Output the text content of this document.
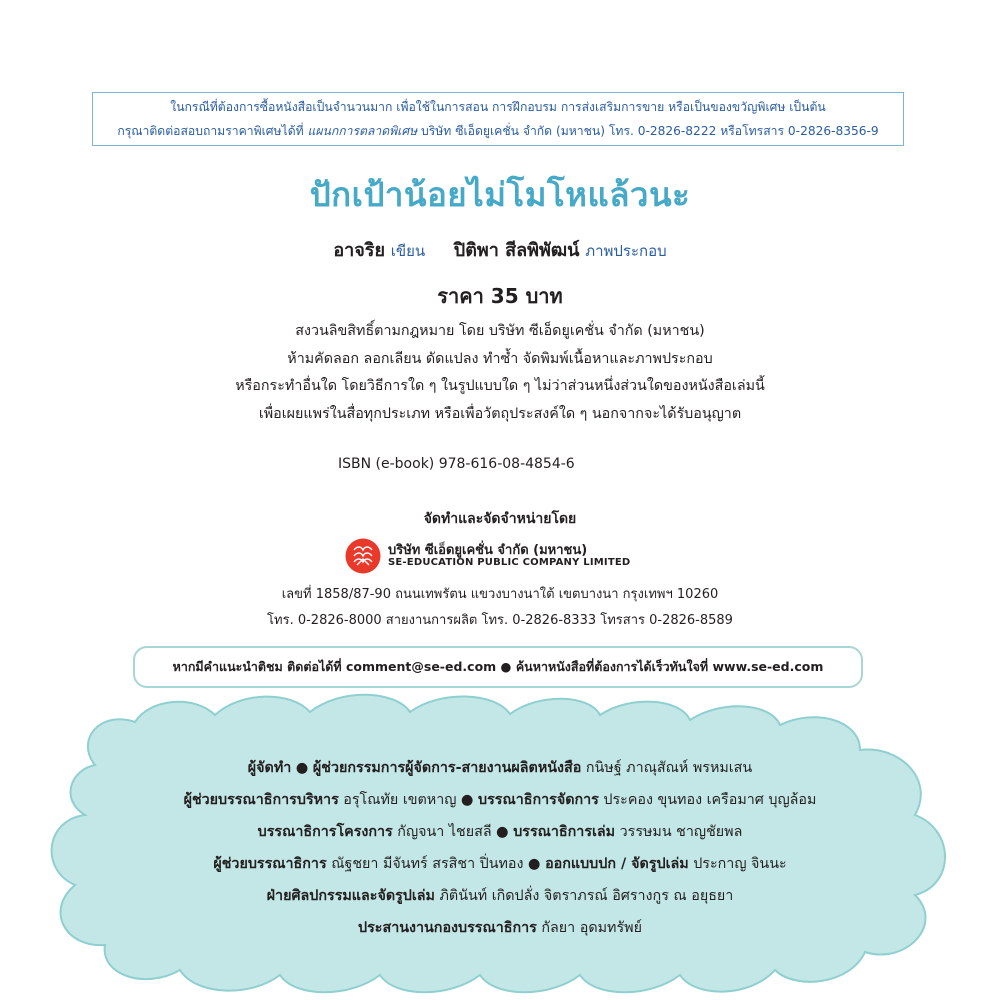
ในกรณีที่ต้องการซื้อหนังสือเป็นจำนวนมาก เพื่อใช้ในการสอน การฝึกอบรม การส่งเสริมการขาย หรือเป็นของขวัญพิเศษ เป็นต้น
กรุณาติดต่อสอบถามราคาพิเศษได้ที่ แผนกการตลาดพิเศษ บริษัท ซีเอ็ดยูเคชั่น จำกัด (มหาชน) โทร. 0-2826-8222 หรือโทรสาร 0-2826-8356-9
ปักเป้าน้อยไม่โมโหแล้วนะ
อาจริย เขียน ปิติพา สีลพิพัฒน์ ภาพประกอบ
ราคา 35 บาท
สงวนลิขสิทธิ์ตามกฎหมาย โดย บริษัท ซีเอ็ดยูเคชั่น จำกัด (มหาชน)
ห้ามคัดลอก ลอกเลียน ดัดแปลง ทำซ้ำ จัดพิมพ์เนื้อหาและภาพประกอบ
หรือกระทำอื่นใด โดยวิธีการใด ๆ ในรูปแบบใด ๆ ไม่ว่าส่วนหนึ่งส่วนใดของหนังสือเล่มนี้
เพื่อเผยแพร่ในสื่อทุกประเภท หรือเพื่อวัตถุประสงค์ใด ๆ นอกจากจะได้รับอนุญาต
ISBN (e-book) 978-616-08-4854-6
จัดทำและจัดจำหน่ายโดย
บริษัท ซีเอ็ดยูเคชั่น จำกัด (มหาชน)
SE-EDUCATION PUBLIC COMPANY LIMITED
เลขที่ 1858/87-90 ถนนเทพรัตน แขวงบางนาใต้ เขตบางนา กรุงเทพฯ 10260
โทร. 0-2826-8000 สายงานการผลิต โทร. 0-2826-8333 โทรสาร 0-2826-8589
หากมีคำแนะนำติชม ติดต่อได้ที่ comment@se-ed.com ● ค้นหาหนังสือที่ต้องการได้เร็วทันใจที่ www.se-ed.com
ผู้จัดทำ ● ผู้ช่วยกรรมการผู้จัดการ-สายงานผลิตหนังสือ กนิษฐ์ ภาณุสัณห์ พรหมเสน
ผู้ช่วยบรรณาธิการบริหาร อรุโณทัย เขตหาญ ● บรรณาธิการจัดการ ประคอง ขุนทอง เครือมาศ บุญล้อม
บรรณาธิการโครงการ กัญจนา ไชยสลี ● บรรณาธิการเล่ม วรรษมน ชาญชัยพล
ผู้ช่วยบรรณาธิการ ณัฐชยา มีจันทร์ สรสิชา ปิ่นทอง ● ออกแบบปก / จัดรูปเล่ม ประกาญ จินนะ
ฝ่ายศิลปกรรมและจัดรูปเล่ม ภิตินันท์ เกิดปลั่ง จิตราภรณ์ อิศรางกูร ณ อยุธยา
ประสานงานกองบรรณาธิการ กัลยา อุดมทรัพย์
